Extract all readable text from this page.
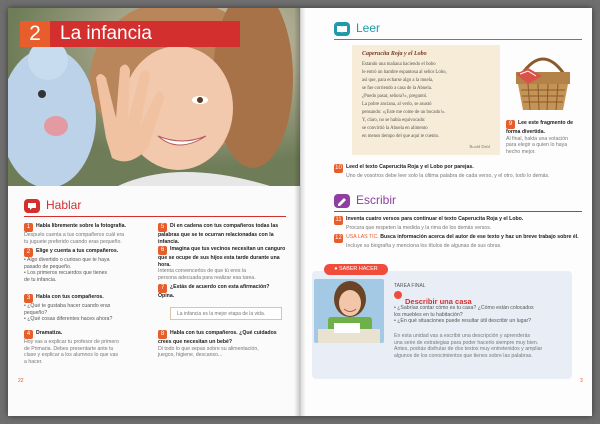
2	La infancia
Hablar
1 Habla libremente sobre la fotografía.
Después cuenta a tus compañeros cuál era
tu juguete preferido cuando eras pequeño.
2 Elige y cuenta a tus compañeros.
• Algo divertido o curioso que te haya
pasado de pequeño.
• Los primeros recuerdos que tienes
de tu infancia.
3 Habla con tus compañeros.
• ¿Qué te gustaba hacer cuando eras
pequeño?
• ¿Qué cosas diferentes haces ahora?
4 Dramatiza.
Hoy vas a explicar tu profesor de primero
de Primaria. Debes presentarte ante tu
clase y explicar a los alumnos lo que vas
a hacer.
5 Di en cadena con tus compañeros todas las palabras que se te ocurran relacionadas con la infancia.
6 Imagina que tus vecinos necesitan un canguro que se ocupe de sus hijos esta tarde durante una hora.
Intenta convencerlos de que tú eres la
persona adecuada para realizar esa tarea.
7 ¿Estás de acuerdo con esta afirmación? Opina.
La infancia es la mejor etapa de la vida.
8 Habla con tus compañeros. ¿Qué cuidados crees que necesitan un bebé?
Di todo lo que sepas sobre su alimentación,
juegos, higiene, descanso...
22
Leer
Caperucita Roja y el Lobo
Estando una mañana haciendo el bobo
le entró un hambre espantosa al señor Lobo,
así que, para echarse algo a la muela,
se fue corriendo a casa de la Abuela.
¿Puedo pasar, señora?», preguntó.
La pobre anciana, al verlo, se asustó
pensando: «¡Este me come de un bocado!».
Y, claro, no se había equivocado:
se convirtió la Abuela en alimento
en menos tiempo del que aquí te cuento.
Roald Dahl
9 Lee este fragmento de forma divertida.
Al final, hakta una votación
para elegir a quien lo haya
hecho mejor.
10 Leed el texto Caperucita Roja y el Lobo por parejas.
Uno de vosotros debe leer solo la última palabra de cada verso, y el otro, todo lo demás.
Escribir
11 Inventa cuatro versos para continuar el texto Caperucita Roja y el Lobo.
Procura que respeten la medida y la rima de los demás versos.
12 USA LAS TIC. Busca información acerca del autor de ese texto y haz un breve trabajo sobre él.
Incluye su biografía y menciona los títulos de algunas de sus obras.
TAREA FINAL
Describir una casa
• ¿Sabrías contar cómo es tu casa? ¿Cómo están colocados
los muebles en tu habitación?
• ¿En qué situaciones puede resultar útil describir un lugar?
En esta unidad vas a escribir una descripción y aprenderás
una serie de estrategias para poder hacerlo siempre muy bien.
Antes, podrás disfrutar de dos textos muy entretenidos y ampliar
algunos de los conocimientos que tienes sobre las palabras.
● SABER HACER
3
